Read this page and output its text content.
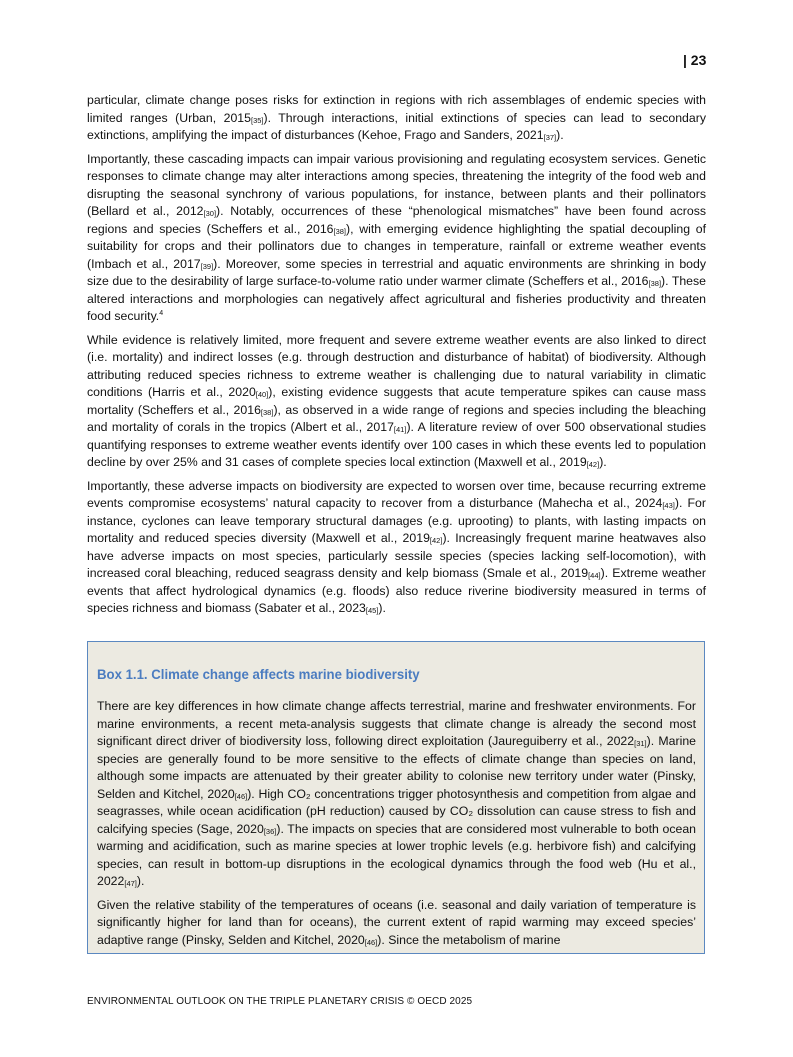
| 23

particular, climate change poses risks for extinction in regions with rich assemblages of endemic species with limited ranges (Urban, $2015_{[35]}$). Through interactions, initial extinctions of species can lead to secondary extinctions, amplifying the impact of disturbances (Kehoe, Frago and Sanders, $2021_{[37]}$).

Importantly, these cascading impacts can impair various provisioning and regulating ecosystem services. Genetic responses to climate change may alter interactions among species, threatening the integrity of the food web and disrupting the seasonal synchrony of various populations, for instance, between plants and their pollinators (Bellard et al., $2012_{[30]}$). Notably, occurrences of these “phenological mismatches” have been found across regions and species (Scheffers et al., $2016_{[38]}$), with emerging evidence highlighting the spatial decoupling of suitability for crops and their pollinators due to changes in temperature, rainfall or extreme weather events (Imbach et al., $2017_{[39]}$). Moreover, some species in terrestrial and aquatic environments are shrinking in body size due to the desirability of large surface-to-volume ratio under warmer climate (Scheffers et al., $2016_{[38]}$). These altered interactions and morphologies can negatively affect agricultural and fisheries productivity and threaten food security.$^4$

While evidence is relatively limited, more frequent and severe extreme weather events are also linked to direct (i.e. mortality) and indirect losses (e.g. through destruction and disturbance of habitat) of biodiversity. Although attributing reduced species richness to extreme weather is challenging due to natural variability in climatic conditions (Harris et al., $2020_{[40]}$), existing evidence suggests that acute temperature spikes can cause mass mortality (Scheffers et al., $2016_{[38]}$), as observed in a wide range of regions and species including the bleaching and mortality of corals in the tropics (Albert et al., $2017_{[41]}$). A literature review of over 500 observational studies quantifying responses to extreme weather events identify over 100 cases in which these events led to population decline by over 25% and 31 cases of complete species local extinction (Maxwell et al., $2019_{[42]}$).

Importantly, these adverse impacts on biodiversity are expected to worsen over time, because recurring extreme events compromise ecosystems’ natural capacity to recover from a disturbance (Mahecha et al., $2024_{[43]}$). For instance, cyclones can leave temporary structural damages (e.g. uprooting) to plants, with lasting impacts on mortality and reduced species diversity (Maxwell et al., $2019_{[42]}$). Increasingly frequent marine heatwaves also have adverse impacts on most species, particularly sessile species (species lacking self-locomotion), with increased coral bleaching, reduced seagrass density and kelp biomass (Smale et al., $2019_{[44]}$). Extreme weather events that affect hydrological dynamics (e.g. floods) also reduce riverine biodiversity measured in terms of species richness and biomass (Sabater et al., $2023_{[45]}$).

Box 1.1. Climate change affects marine biodiversity

There are key differences in how climate change affects terrestrial, marine and freshwater environments. For marine environments, a recent meta-analysis suggests that climate change is already the second most significant direct driver of biodiversity loss, following direct exploitation (Jaureguiberry et al., $2022_{[31]}$). Marine species are generally found to be more sensitive to the effects of climate change than species on land, although some impacts are attenuated by their greater ability to colonise new territory under water (Pinsky, Selden and Kitchel, $2020_{[46]}$). High CO₂ concentrations trigger photosynthesis and competition from algae and seagrasses, while ocean acidification (pH reduction) caused by CO₂ dissolution can cause stress to fish and calcifying species (Sage, $2020_{[36]}$). The impacts on species that are considered most vulnerable to both ocean warming and acidification, such as marine species at lower trophic levels (e.g. herbivore fish) and calcifying species, can result in bottom-up disruptions in the ecological dynamics through the food web (Hu et al., $2022_{[47]}$).

Given the relative stability of the temperatures of oceans (i.e. seasonal and daily variation of temperature is significantly higher for land than for oceans), the current extent of rapid warming may exceed species’ adaptive range (Pinsky, Selden and Kitchel, $2020_{[46]}$). Since the metabolism of marine

ENVIRONMENTAL OUTLOOK ON THE TRIPLE PLANETARY CRISIS © OECD 2025
